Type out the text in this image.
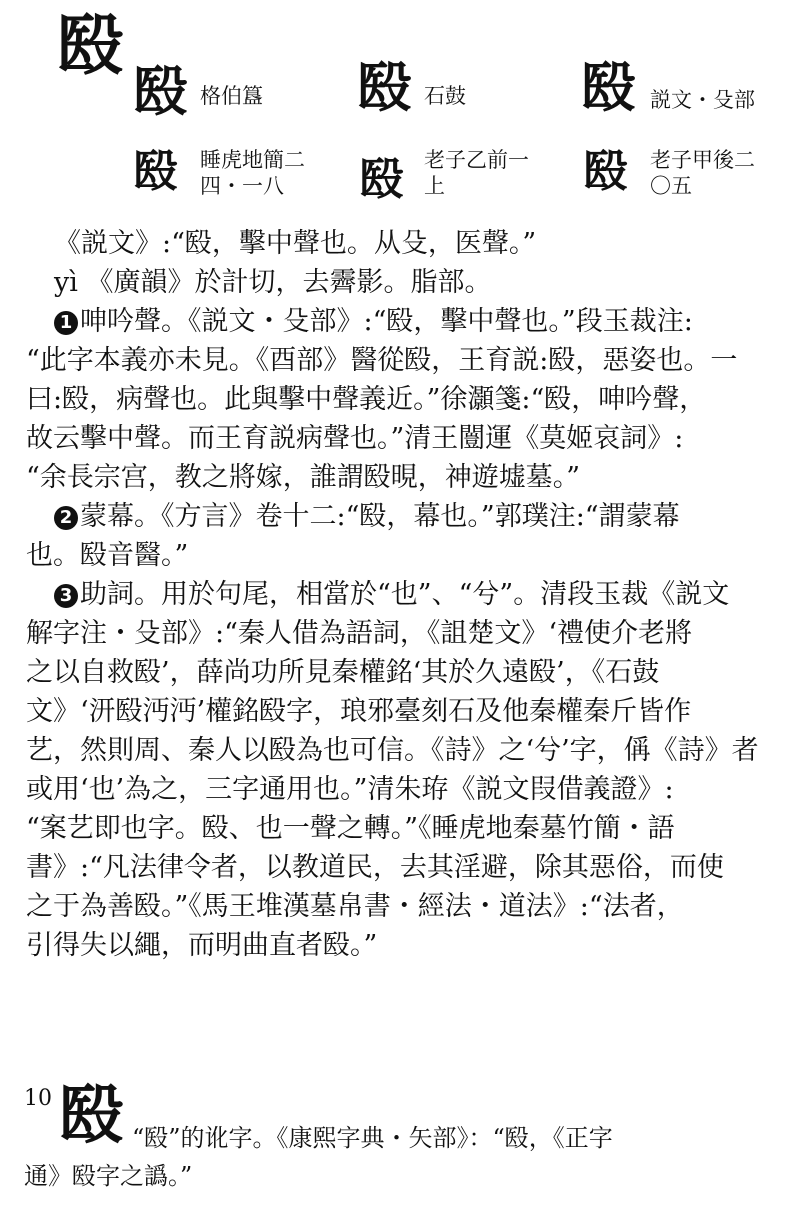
殹
殹 格伯簋 殹 石鼓 殹 説文・殳部
殹 睡虎地簡二
四・一八 殹 老子乙前一
上	殹 老子甲後二
〇五
《説文》:“殹，擊中聲也。从殳，医聲。”
yì 《廣韻》於計切，去霽影。脂部。
1 呻吟聲。《説文・殳部》:“殹，擊中聲也。”段玉裁注:
“此字本義亦未見。《酉部》醫從殹，王育説:殹，惡姿也。一
曰:殹，病聲也。此與擊中聲義近。”徐灝箋:“殹，呻吟聲，
故云擊中聲。而王育説病聲也。”清王闓運《莫姬哀詞》:
“余長宗宫，教之將嫁，誰謂殹晛，神遊墟墓。”
2 蒙幕。《方言》卷十二:“殹，幕也。”郭璞注:“謂蒙幕
也。殹音醫。”
3 助詞。用於句尾，相當於“也”、“兮”。清段玉裁《説文
解字注・殳部》:“秦人借為語詞，《詛楚文》‘禮使介老將
之以自救殹’，薛尚功所見秦權銘‘其於久遠殹’，《石鼓
文》‘汧殹沔沔’權銘殹字，琅邪臺刻石及他秦權秦斤皆作
艺，然則周、秦人以殹為也可信。《詩》之‘兮’字，偁《詩》者
或用‘也’為之，三字通用也。”清朱珔《説文叚借義證》:
“案艺即也字。殹、也一聲之轉。”《睡虎地秦墓竹簡・語
書》:“凡法律令者，以教道民，去其淫避，除其惡俗，而使
之于為善殹。”《馬王堆漢墓帛書・經法・道法》:“法者，
引得失以繩，而明曲直者殹。”
10 殹 “殹”的讹字。《康熙字典・矢部》：“殹，《正字
通》殹字之譌。”
